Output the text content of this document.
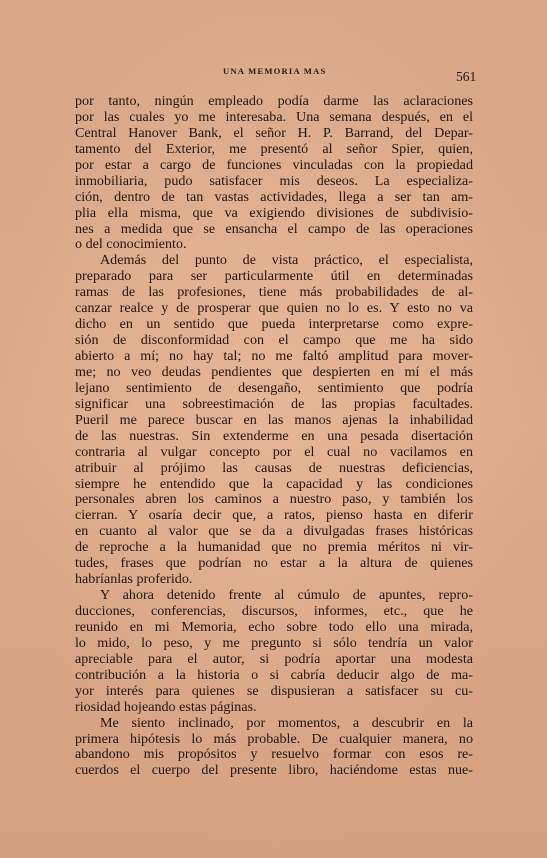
UNA MEMORIA MAS	561
por tanto, ningún empleado podía darme las aclaraciones
por las cuales yo me interesaba. Una semana después, en el
Central Hanover Bank, el señor H. P. Barrand, del Depar-
tamento del Exterior, me presentó al señor Spier, quien,
por estar a cargo de funciones vinculadas con la propiedad
inmobiliaria, pudo satisfacer mis deseos. La especializa-
ción, dentro de tan vastas actividades, llega a ser tan am-
plia ella misma, que va exigiendo divisiones de subdivisio-
nes a medida que se ensancha el campo de las operaciones
o del conocimiento.
Además del punto de vista práctico, el especialista,
preparado para ser particularmente útil en determinadas
ramas de las profesiones, tiene más probabilidades de al-
canzar realce y de prosperar que quien no lo es. Y esto no va
dicho en un sentido que pueda interpretarse como expre-
sión de disconformidad con el campo que me ha sido
abierto a mí; no hay tal; no me faltó amplitud para mover-
me; no veo deudas pendientes que despierten en mí el más
lejano sentimiento de desengaño, sentimiento que podría
significar una sobreestimación de las propias facultades.
Pueril me parece buscar en las manos ajenas la inhabilidad
de las nuestras. Sin extenderme en una pesada disertación
contraria al vulgar concepto por el cual no vacilamos en
atribuir al prójimo las causas de nuestras deficiencias,
siempre he entendido que la capacidad y las condiciones
personales abren los caminos a nuestro paso, y también los
cierran. Y osaría decir que, a ratos, pienso hasta en diferir
en cuanto al valor que se da a divulgadas frases históricas
de reproche a la humanidad que no premia méritos ni vir-
tudes, frases que podrían no estar a la altura de quienes
habríanlas proferido.
Y ahora detenido frente al cúmulo de apuntes, repro-
ducciones, conferencias, discursos, informes, etc., que he
reunido en mi Memoria, echo sobre todo ello una mirada,
lo mido, lo peso, y me pregunto si sólo tendría un valor
apreciable para el autor, si podría aportar una modesta
contribución a la historia o si cabría deducir algo de ma-
yor interés para quienes se dispusieran a satisfacer su cu-
riosidad hojeando estas páginas.
Me siento inclinado, por momentos, a descubrir en la
primera hipótesis lo más probable. De cualquier manera, no
abandono mis propósitos y resuelvo formar con esos re-
cuerdos el cuerpo del presente libro, haciéndome estas nue-
